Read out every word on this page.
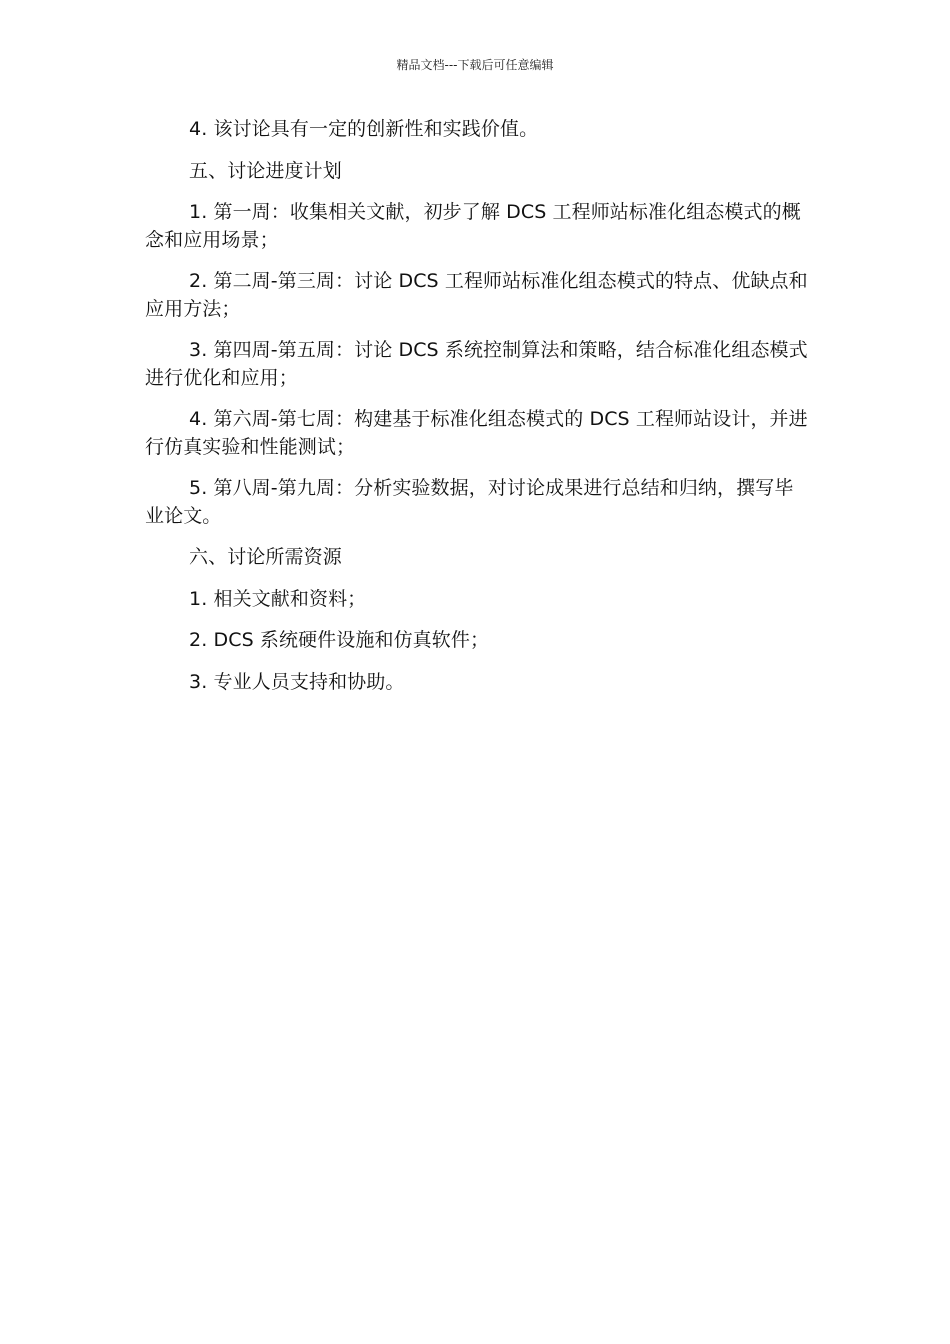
精品文档---下载后可任意编辑

4. 该讨论具有一定的创新性和实践价值。

五、讨论进度计划

1. 第一周：收集相关文献，初步了解 DCS 工程师站标准化组态模式的概念和应用场景；

2. 第二周-第三周：讨论 DCS 工程师站标准化组态模式的特点、优缺点和应用方法；

3. 第四周-第五周：讨论 DCS 系统控制算法和策略，结合标准化组态模式进行优化和应用；

4. 第六周-第七周：构建基于标准化组态模式的 DCS 工程师站设计，并进行仿真实验和性能测试；

5. 第八周-第九周：分析实验数据，对讨论成果进行总结和归纳，撰写毕业论文。

六、讨论所需资源

1. 相关文献和资料；

2. DCS 系统硬件设施和仿真软件；

3. 专业人员支持和协助。
